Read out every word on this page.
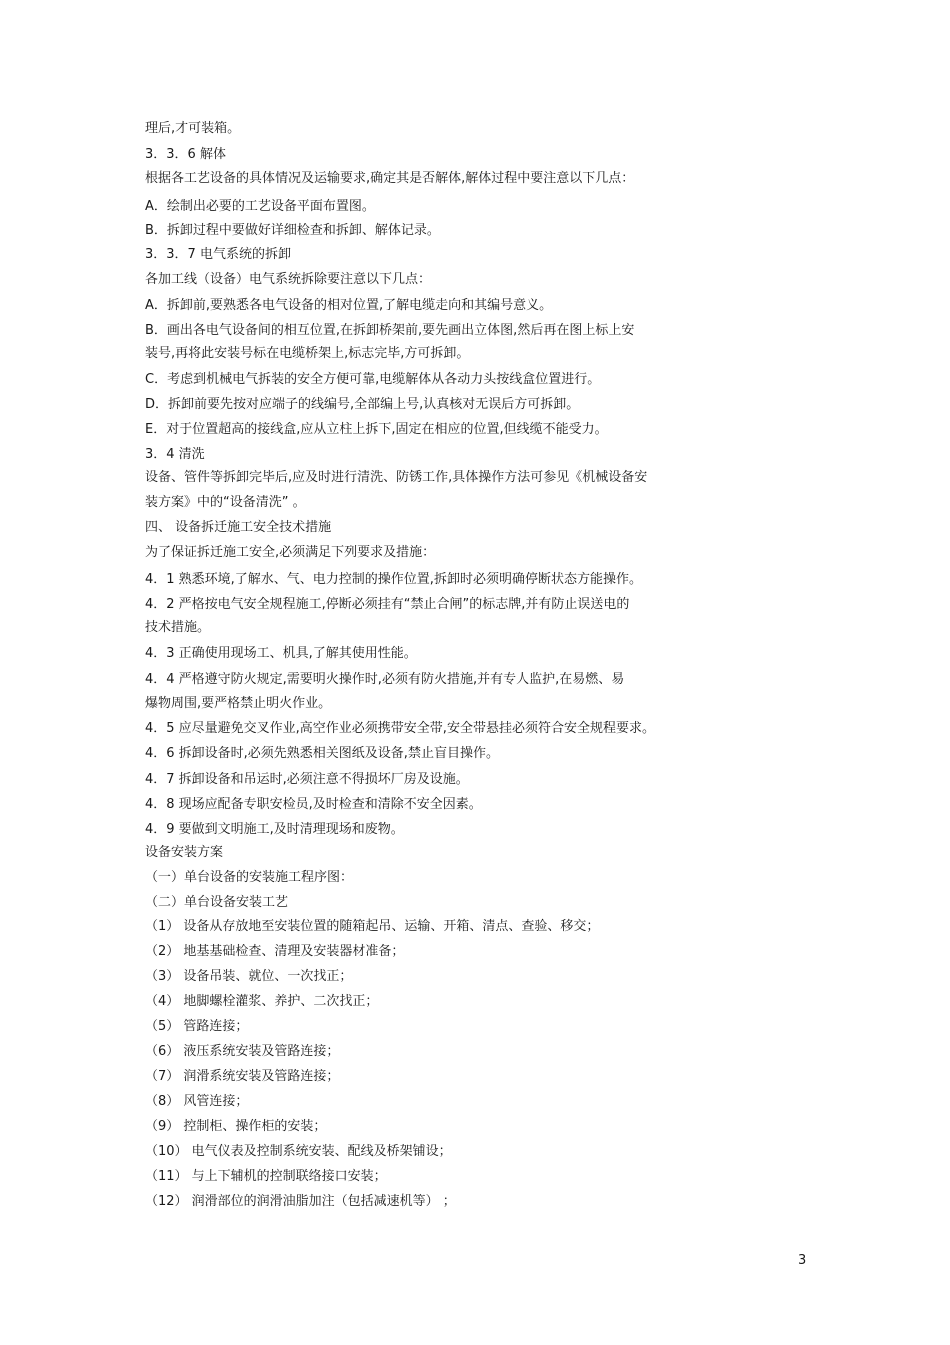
理后,才可装箱。
3．3．6 解体
根据各工艺设备的具体情况及运输要求,确定其是否解体,解体过程中要注意以下几点：
A．绘制出必要的工艺设备平面布置图。
B．拆卸过程中要做好详细检查和拆卸、解体记录。
3．3．7 电气系统的拆卸
各加工线（设备）电气系统拆除要注意以下几点：
A．拆卸前,要熟悉各电气设备的相对位置,了解电缆走向和其编号意义。
B．画出各电气设备间的相互位置,在拆卸桥架前,要先画出立体图,然后再在图上标上安
装号,再将此安装号标在电缆桥架上,标志完毕,方可拆卸。
C．考虑到机械电气拆装的安全方便可靠,电缆解体从各动力头按线盒位置进行。
D．拆卸前要先按对应端子的线编号,全部编上号,认真核对无误后方可拆卸。
E．对于位置超高的接线盒,应从立柱上拆下,固定在相应的位置,但线缆不能受力。
3．4 清洗
设备、管件等拆卸完毕后,应及时进行清洗、防锈工作,具体操作方法可参见《机械设备安
装方案》中的“设备清洗” 。
四、 设备拆迁施工安全技术措施
为了保证拆迁施工安全,必须满足下列要求及措施：
4．1 熟悉环境,了解水、气、电力控制的操作位置,拆卸时必须明确停断状态方能操作。
4．2 严格按电气安全规程施工,停断必须挂有“禁止合闸”的标志牌,并有防止误送电的
技术措施。
4．3 正确使用现场工、机具,了解其使用性能。
4．4 严格遵守防火规定,需要明火操作时,必须有防火措施,并有专人监护,在易燃、易
爆物周围,要严格禁止明火作业。
4．5 应尽量避免交叉作业,高空作业必须携带安全带,安全带悬挂必须符合安全规程要求。
4．6 拆卸设备时,必须先熟悉相关图纸及设备,禁止盲目操作。
4．7 拆卸设备和吊运时,必须注意不得损坏厂房及设施。
4．8 现场应配备专职安检员,及时检查和清除不安全因素。
4．9 要做到文明施工,及时清理现场和废物。
设备安装方案
（一）单台设备的安装施工程序图：
（二）单台设备安装工艺
（1） 设备从存放地至安装位置的随箱起吊、运输、开箱、清点、查验、移交；
（2） 地基基础检查、清理及安装器材准备；
（3） 设备吊装、就位、一次找正；
（4） 地脚螺栓灌浆、养护、二次找正；
（5） 管路连接；
（6） 液压系统安装及管路连接；
（7） 润滑系统安装及管路连接；
（8） 风管连接；
（9） 控制柜、操作柜的安装；
（10） 电气仪表及控制系统安装、配线及桥架铺设；
（11） 与上下辅机的控制联络接口安装；
（12） 润滑部位的润滑油脂加注（包括减速机等） ；
3
